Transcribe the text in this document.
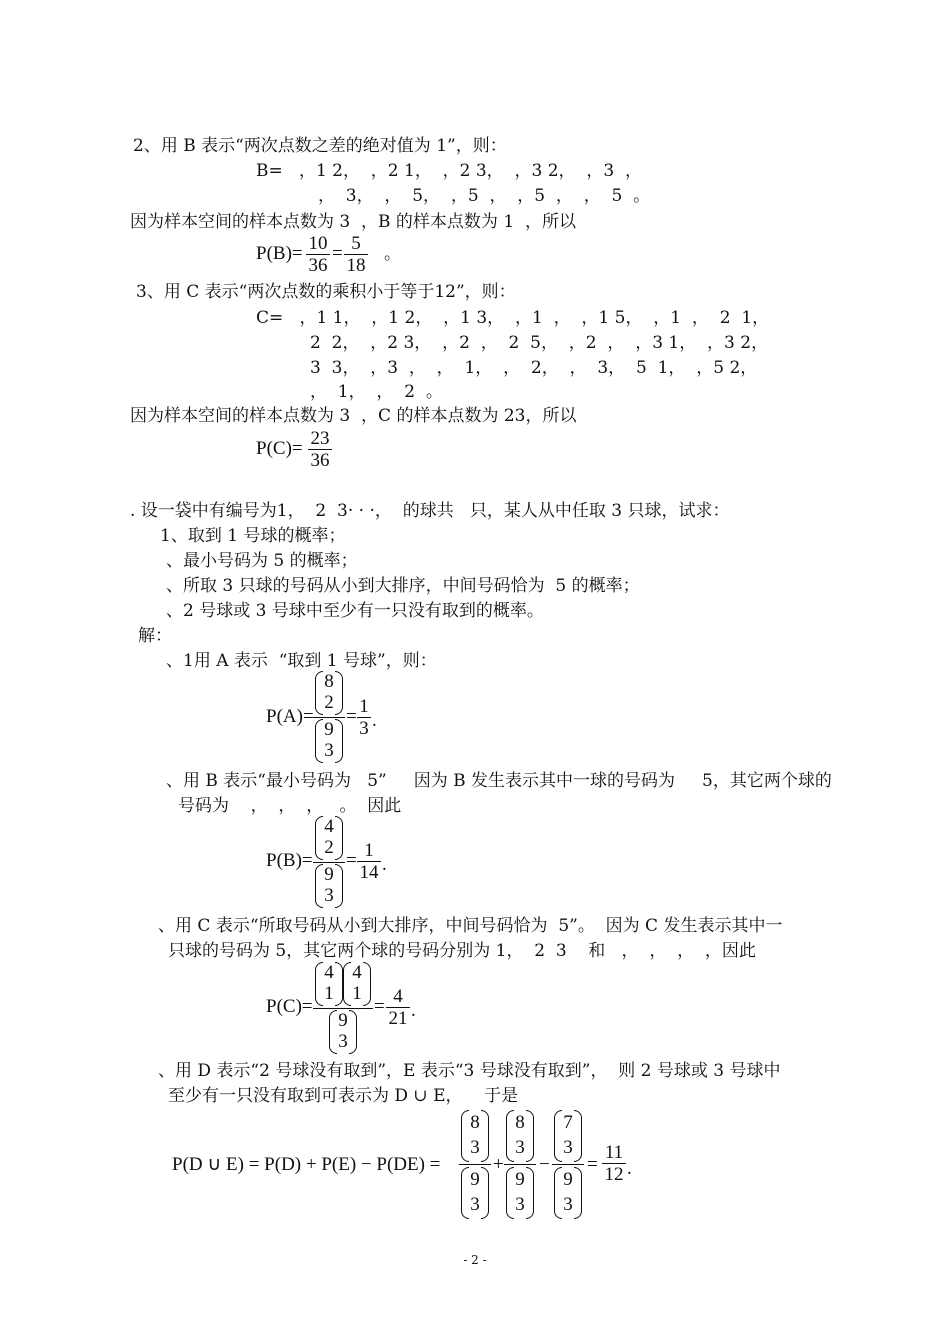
2、用 B 表示“两次点数之差的绝对值为 1”，则：
B=   ，1 2，  ，2 1，  ，2 3，  ，3 2，  ，3  ，
，  3，  ，  5，  ，5  ，  ，5  ，  ，  5  。
因为样本空间的样本点数为 3  ，B 的样本点数为 1  ，所以
P(B)= 10
36
= 5
18
。
3、用 C 表示“两次点数的乘积小于等于12”，则：
C=   ，1 1，  ，1 2，  ，1 3，  ，1  ，  ，1 5，  ，1  ，  2  1，
2  2，  ，2 3，  ，2  ，  2  5，  ，2  ，  ，3 1，  ，3 2，
3  3，  ，3  ，  ，  1，  ，  2，  ，  3，  5  1，  ，5 2，
，  1，  ，  2  。
因为样本空间的样本点数为 3  ，C 的样本点数为 23，所以
P(C)= 23
36
. 设一袋中有编号为1，  2  3· · ·，  的球共   只，某人从中任取 3 只球，试求：
1、取到 1 号球的概率；
、最小号码为 5 的概率；
、所取 3 只球的号码从小到大排序，中间号码恰为  5 的概率；
、2 号球或 3 号球中至少有一只没有取到的概率。
解：
、1用 A 表示  “取到 1 号球”，则：
P(A)=
8
2
9
3
= 1
3 .
、用 B 表示“最小号码为   5”     因为 B 发生表示其中一球的号码为     5，其它两个球的
号码为    ，  ，  ，   。  因此
P(B)=
4
2
9
3
= 1
14 .
、用 C 表示“所取号码从小到大排序，中间号码恰为  5”。  因为 C 发生表示其中一
只球的号码为 5，其它两个球的号码分别为 1，  2  3    和   ，  ，  ，  ，因此
P(C)=
4
1
4
1
9
3
= 4
21 .
、用 D 表示“2 号球没有取到”，E 表示“3 号球没有取到”，  则 2 号球或 3 号球中
至少有一只没有取到可表示为 D ∪ E，    于是
P(D ∪ E) = P(D) + P(E) − P(DE) =
8
3
9
3
+
8
3
9
3
−
7
3
9
3
=
11
12 .
- 2 -
